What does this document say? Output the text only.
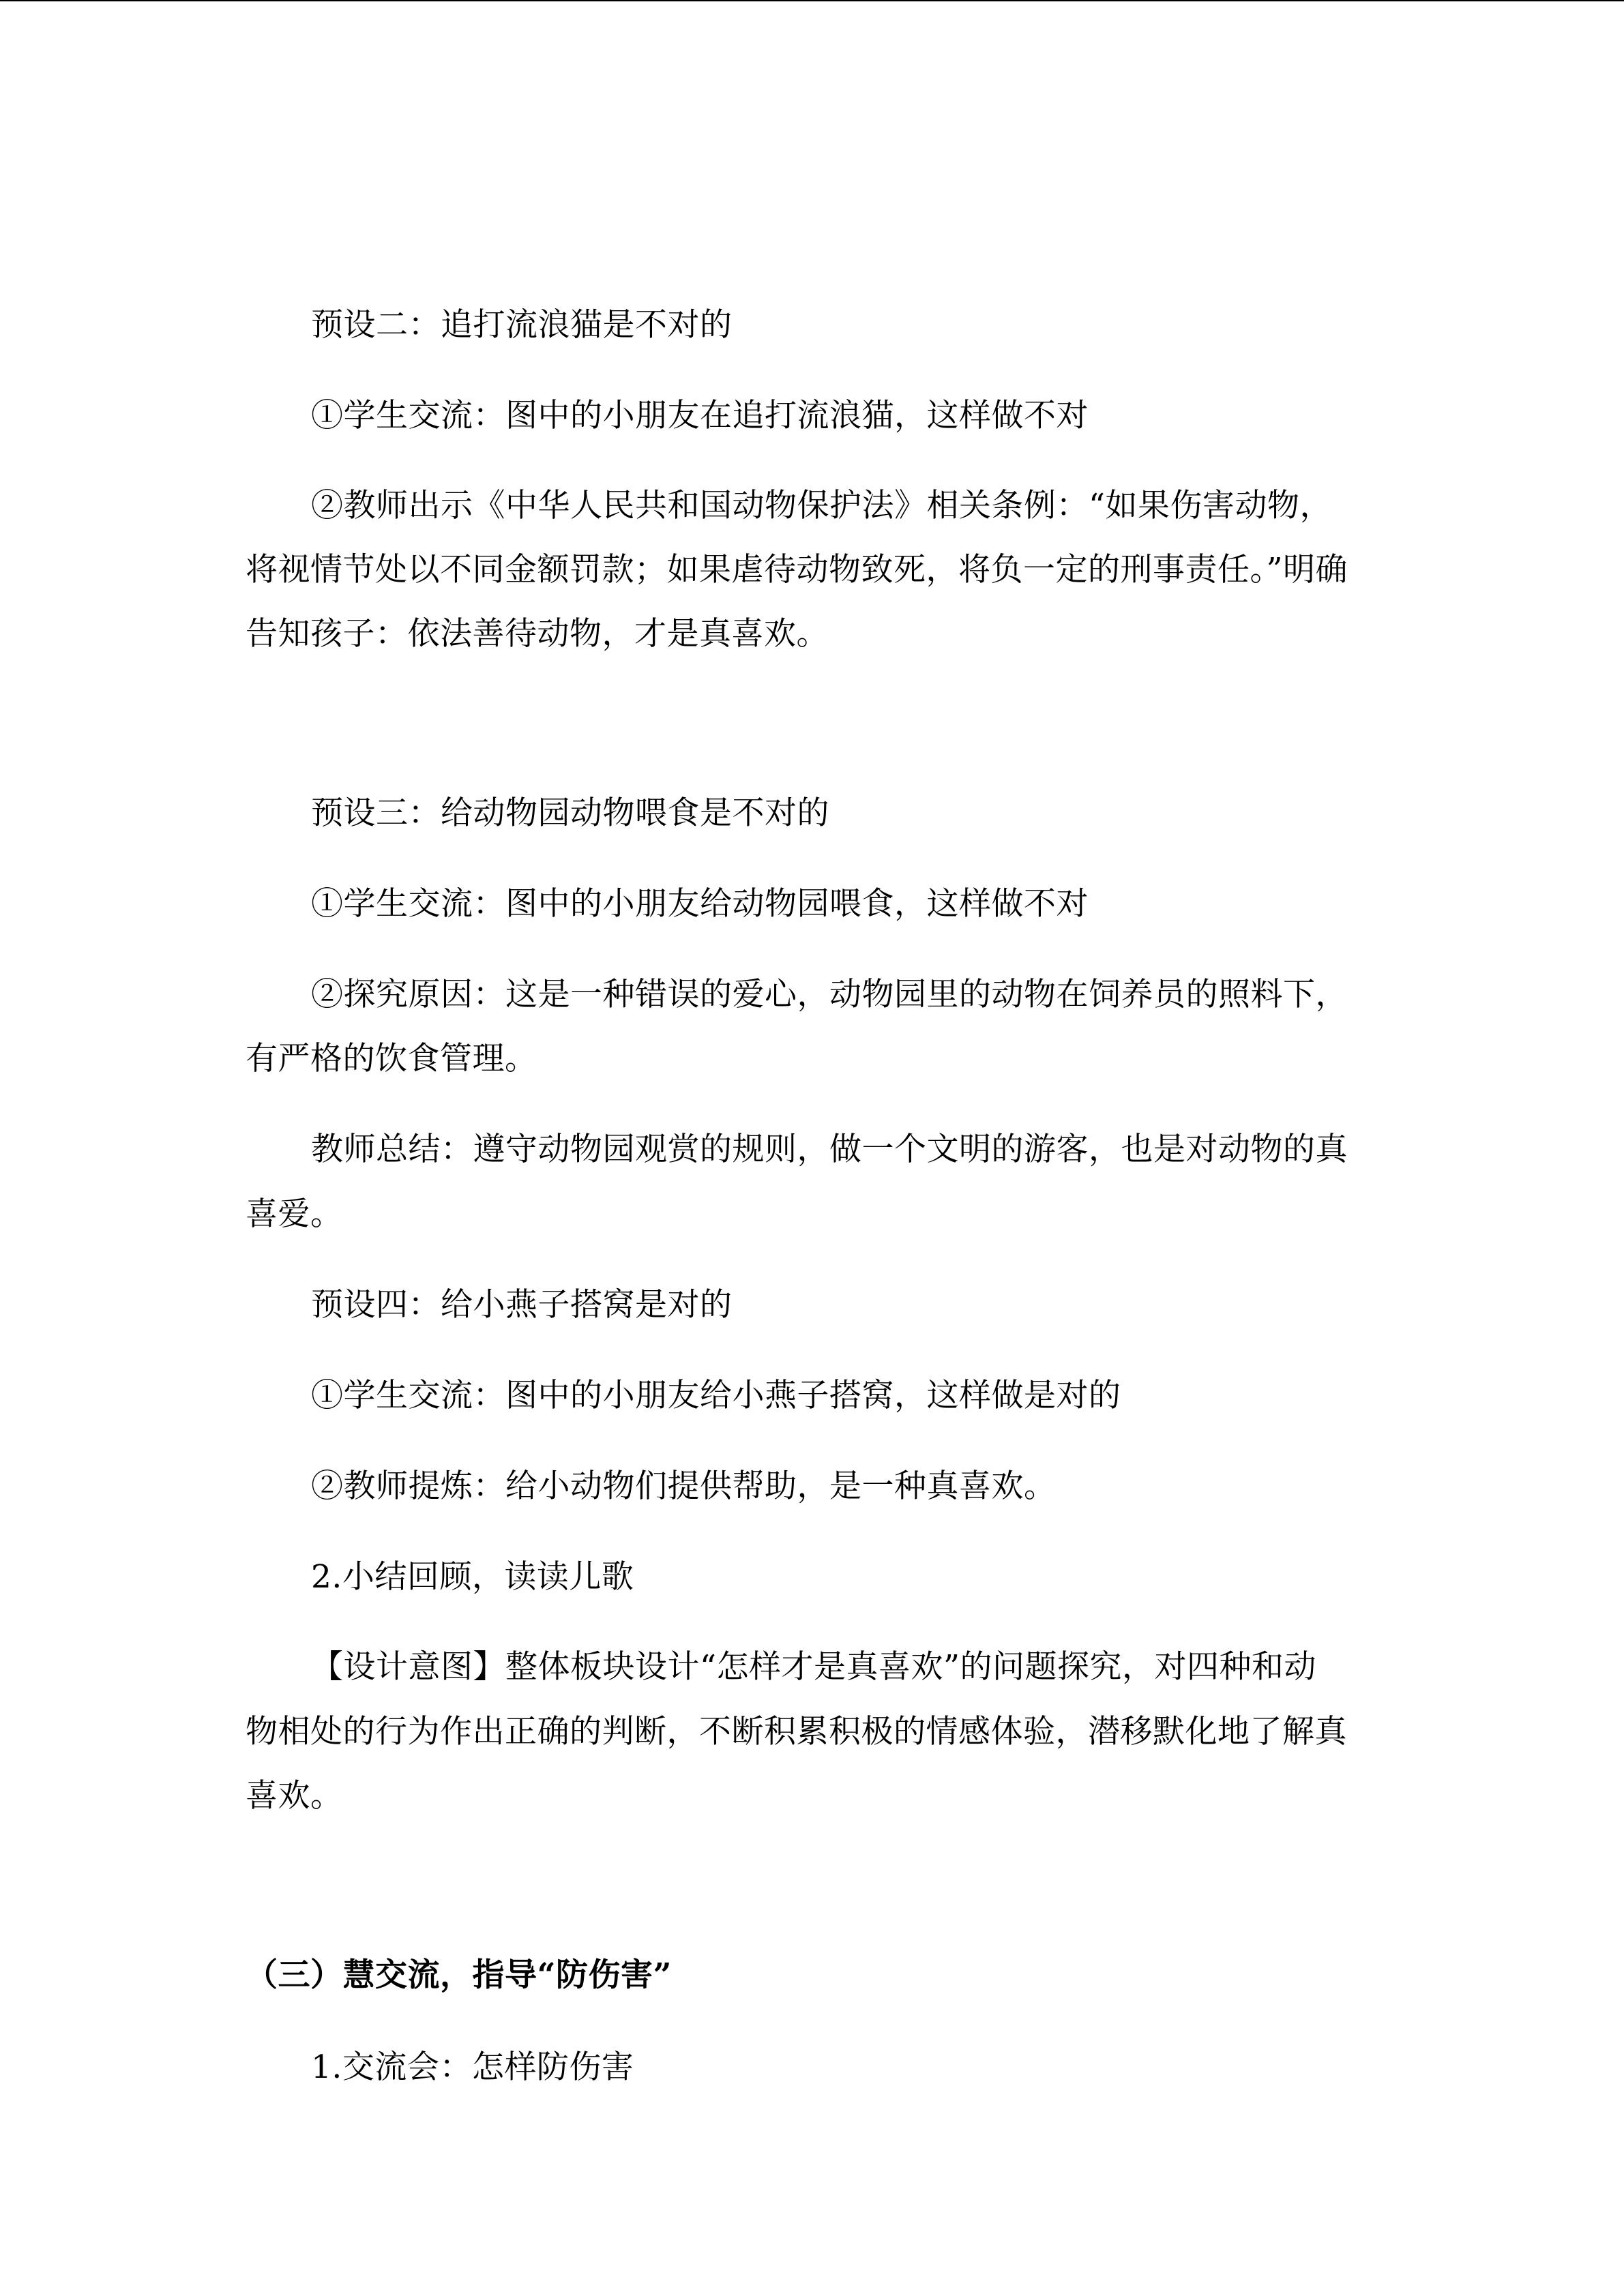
预设二：追打流浪猫是不对的
①学生交流：图中的小朋友在追打流浪猫，这样做不对
②教师出示《中华人民共和国动物保护法》相关条例：“如果伤害动物，
将视情节处以不同金额罚款；如果虐待动物致死，将负一定的刑事责任。”明确
告知孩子：依法善待动物，才是真喜欢。
预设三：给动物园动物喂食是不对的
①学生交流：图中的小朋友给动物园喂食，这样做不对
②探究原因：这是一种错误的爱心，动物园里的动物在饲养员的照料下，
有严格的饮食管理。
教师总结：遵守动物园观赏的规则，做一个文明的游客，也是对动物的真
喜爱。
预设四：给小燕子搭窝是对的
①学生交流：图中的小朋友给小燕子搭窝，这样做是对的
②教师提炼：给小动物们提供帮助，是一种真喜欢。
2.小结回顾，读读儿歌
【设计意图】整体板块设计“怎样才是真喜欢”的问题探究，对四种和动
物相处的行为作出正确的判断，不断积累积极的情感体验，潜移默化地了解真
喜欢。
（三）慧交流，指导“防伤害”
1.交流会：怎样防伤害
